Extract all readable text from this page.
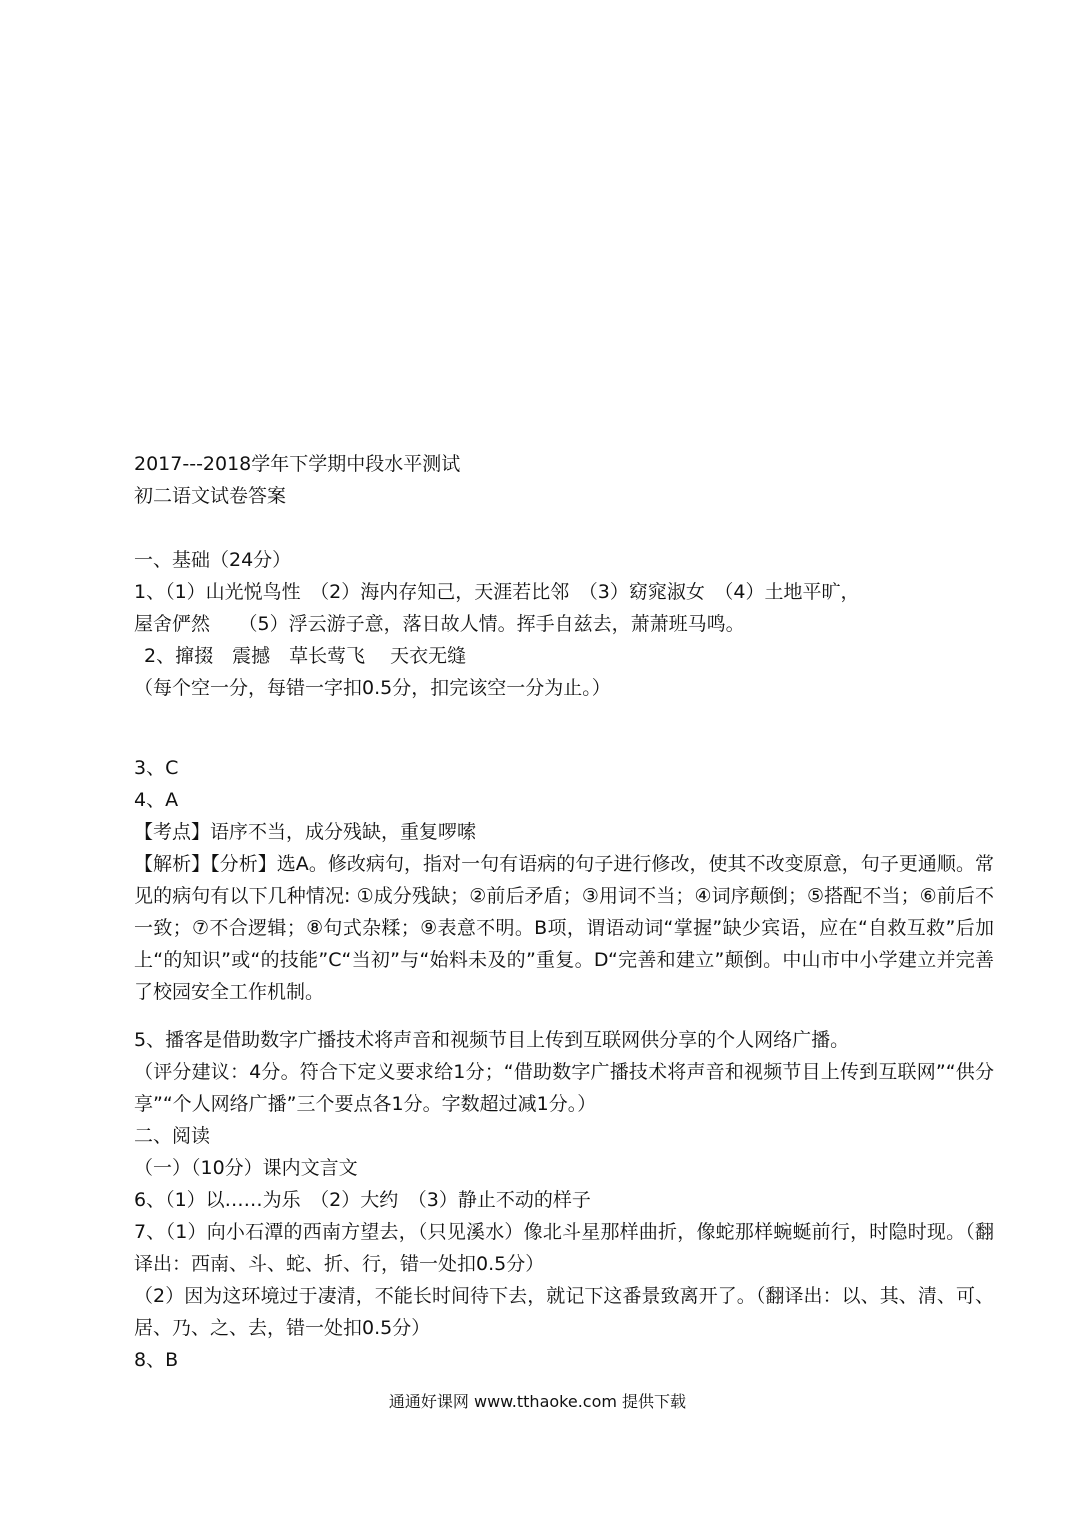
2017---2018学年下学期中段水平测试
初二语文试卷答案
一、基础（24分）
1、（1）山光悦鸟性　（2）海内存知己，天涯若比邻　（3）窈窕淑女　（4）土地平旷，
屋舍俨然　　（5）浮云游子意，落日故人情。挥手自兹去，萧萧班马鸣。
2、撺掇　震撼　草长莺飞　 天衣无缝
（每个空一分，每错一字扣0.5分，扣完该空一分为止。）
3、C
4、A
【考点】语序不当，成分残缺，重复啰嗦
【解析】【分析】选A。修改病句，指对一句有语病的句子进行修改，使其不改变原意，句子更通顺。常见的病句有以下几种情况: ①成分残缺；②前后矛盾；③用词不当；④词序颠倒；⑤搭配不当；⑥前后不一致；⑦不合逻辑；⑧句式杂糅；⑨表意不明。B项，谓语动词“掌握”缺少宾语，应在“自救互救”后加上“的知识”或“的技能”C“当初”与“始料未及的”重复。D“完善和建立”颠倒。中山市中小学建立并完善了校园安全工作机制。
5、播客是借助数字广播技术将声音和视频节目上传到互联网供分享的个人网络广播。
（评分建议：4分。符合下定义要求给1分；“借助数字广播技术将声音和视频节目上传到互联网”“供分享”“个人网络广播”三个要点各1分。字数超过减1分。）
二、阅读
（一）（10分）课内文言文
6、（1）以……为乐　（2）大约　（3）静止不动的样子
7、（1）向小石潭的西南方望去，（只见溪水）像北斗星那样曲折，像蛇那样蜿蜒前行，时隐时现。（翻译出：西南、斗、蛇、折、行，错一处扣0.5分）
（2）因为这环境过于凄清，不能长时间待下去，就记下这番景致离开了。（翻译出：以、其、清、可、居、乃、之、去，错一处扣0.5分）
8、B
通通好课网 www.tthaoke.com 提供下载
